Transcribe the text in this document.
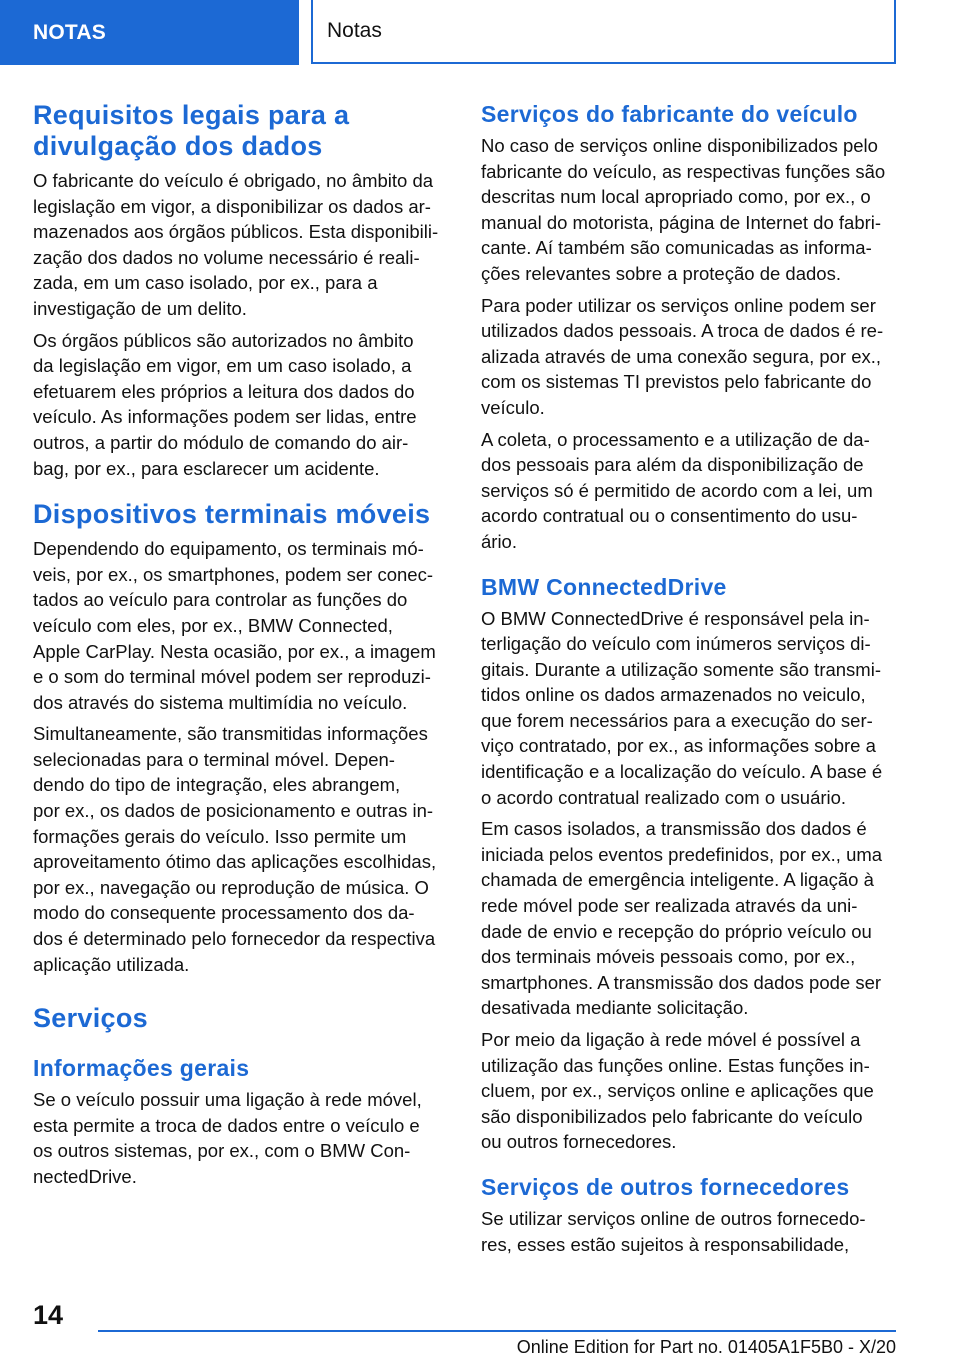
NOTAS	Notas
Requisitos legais para a
divulgação dos dados

O fabricante do veículo é obrigado, no âmbito da
legislação em vigor, a disponibilizar os dados ar-
mazenados aos órgãos públicos. Esta disponibili-
zação dos dados no volume necessário é reali-
zada, em um caso isolado, por ex., para a
investigação de um delito.

Os órgãos públicos são autorizados no âmbito
da legislação em vigor, em um caso isolado, a
efetuarem eles próprios a leitura dos dados do
veículo. As informações podem ser lidas, entre
outros, a partir do módulo de comando do air-
bag, por ex., para esclarecer um acidente.

Dispositivos terminais móveis

Dependendo do equipamento, os terminais mó-
veis, por ex., os smartphones, podem ser conec-
tados ao veículo para controlar as funções do
veículo com eles, por ex., BMW Connected,
Apple CarPlay. Nesta ocasião, por ex., a imagem
e o som do terminal móvel podem ser reproduzi-
dos através do sistema multimídia no veículo.

Simultaneamente, são transmitidas informações
selecionadas para o terminal móvel. Depen-
dendo do tipo de integração, eles abrangem,
por ex., os dados de posicionamento e outras in-
formações gerais do veículo. Isso permite um
aproveitamento ótimo das aplicações escolhidas,
por ex., navegação ou reprodução de música. O
modo do consequente processamento dos da-
dos é determinado pelo fornecedor da respectiva
aplicação utilizada.

Serviços
Informações gerais

Se o veículo possuir uma ligação à rede móvel,
esta permite a troca de dados entre o veículo e
os outros sistemas, por ex., com o BMW Con-
nectedDrive.

Serviços do fabricante do veículo

No caso de serviços online disponibilizados pelo
fabricante do veículo, as respectivas funções são
descritas num local apropriado como, por ex., o
manual do motorista, página de Internet do fabri-
cante. Aí também são comunicadas as informa-
ções relevantes sobre a proteção de dados.

Para poder utilizar os serviços online podem ser
utilizados dados pessoais. A troca de dados é re-
alizada através de uma conexão segura, por ex.,
com os sistemas TI previstos pelo fabricante do
veículo.

A coleta, o processamento e a utilização de da-
dos pessoais para além da disponibilização de
serviços só é permitido de acordo com a lei, um
acordo contratual ou o consentimento do usu-
ário.

BMW ConnectedDrive

O BMW ConnectedDrive é responsável pela in-
terligação do veículo com inúmeros serviços di-
gitais. Durante a utilização somente são transmi-
tidos online os dados armazenados no veiculo,
que forem necessários para a execução do ser-
viço contratado, por ex., as informações sobre a
identificação e a localização do veículo. A base é
o acordo contratual realizado com o usuário.

Em casos isolados, a transmissão dos dados é
iniciada pelos eventos predefinidos, por ex., uma
chamada de emergência inteligente. A ligação à
rede móvel pode ser realizada através da uni-
dade de envio e recepção do próprio veículo ou
dos terminais móveis pessoais como, por ex.,
smartphones. A transmissão dos dados pode ser
desativada mediante solicitação.

Por meio da ligação à rede móvel é possível a
utilização das funções online. Estas funções in-
cluem, por ex., serviços online e aplicações que
são disponibilizados pelo fabricante do veículo
ou outros fornecedores.

Serviços de outros fornecedores

Se utilizar serviços online de outros fornecedo-
res, esses estão sujeitos à responsabilidade,

14
Online Edition for Part no. 01405A1F5B0 - X/20
